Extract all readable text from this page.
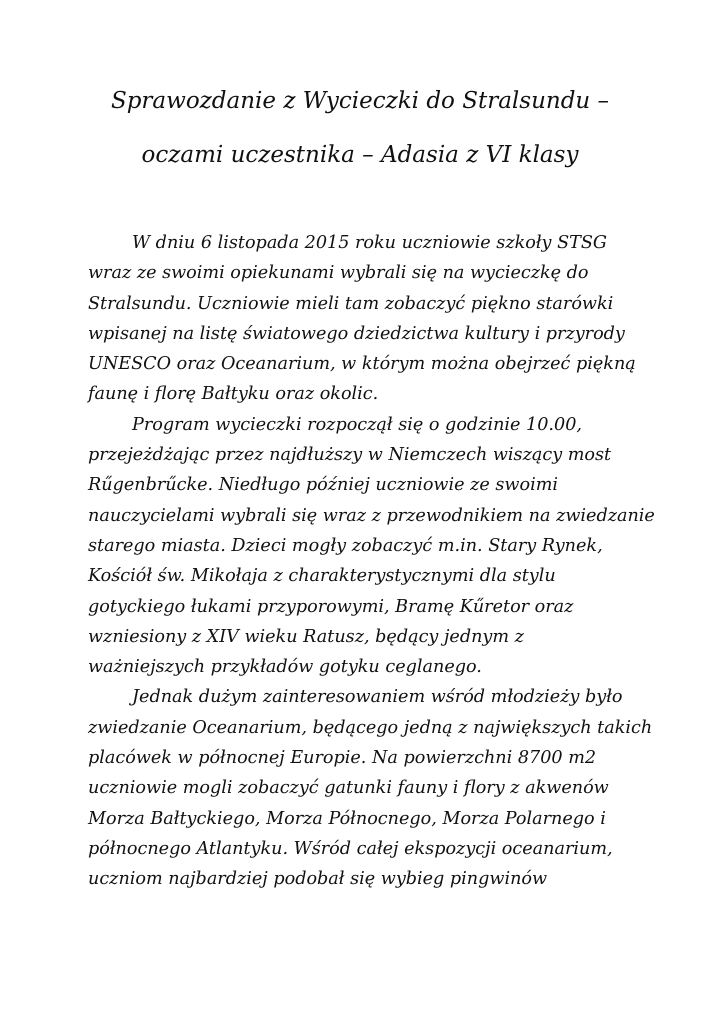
Sprawozdanie z Wycieczki do Stralsundu –
oczami uczestnika – Adasia z VI klasy
W dniu 6 listopada 2015 roku uczniowie szkoły STSG
wraz ze swoimi opiekunami wybrali się na wycieczkę do
Stralsundu. Uczniowie mieli tam zobaczyć piękno starówki
wpisanej na listę światowego dziedzictwa kultury i przyrody
UNESCO oraz Oceanarium, w którym można obejrzeć piękną
faunę i florę Bałtyku oraz okolic.
Program wycieczki rozpoczął się o godzinie 10.00,
przejeżdżając przez najdłuższy w Niemczech wiszący most
Rűgenbrűcke. Niedługo później uczniowie ze swoimi
nauczycielami wybrali się wraz z przewodnikiem na zwiedzanie
starego miasta. Dzieci mogły zobaczyć m.in. Stary Rynek,
Kościół św. Mikołaja z charakterystycznymi dla stylu
gotyckiego łukami przyporowymi, Bramę Kűretor oraz
wzniesiony z XIV wieku Ratusz, będący jednym z
ważniejszych przykładów gotyku ceglanego.
Jednak dużym zainteresowaniem wśród młodzieży było
zwiedzanie Oceanarium, będącego jedną z największych takich
placówek w północnej Europie. Na powierzchni 8700 m2
uczniowie mogli zobaczyć gatunki fauny i flory z akwenów
Morza Bałtyckiego, Morza Północnego, Morza Polarnego i
północnego Atlantyku. Wśród całej ekspozycji oceanarium,
uczniom najbardziej podobał się wybieg pingwinów
